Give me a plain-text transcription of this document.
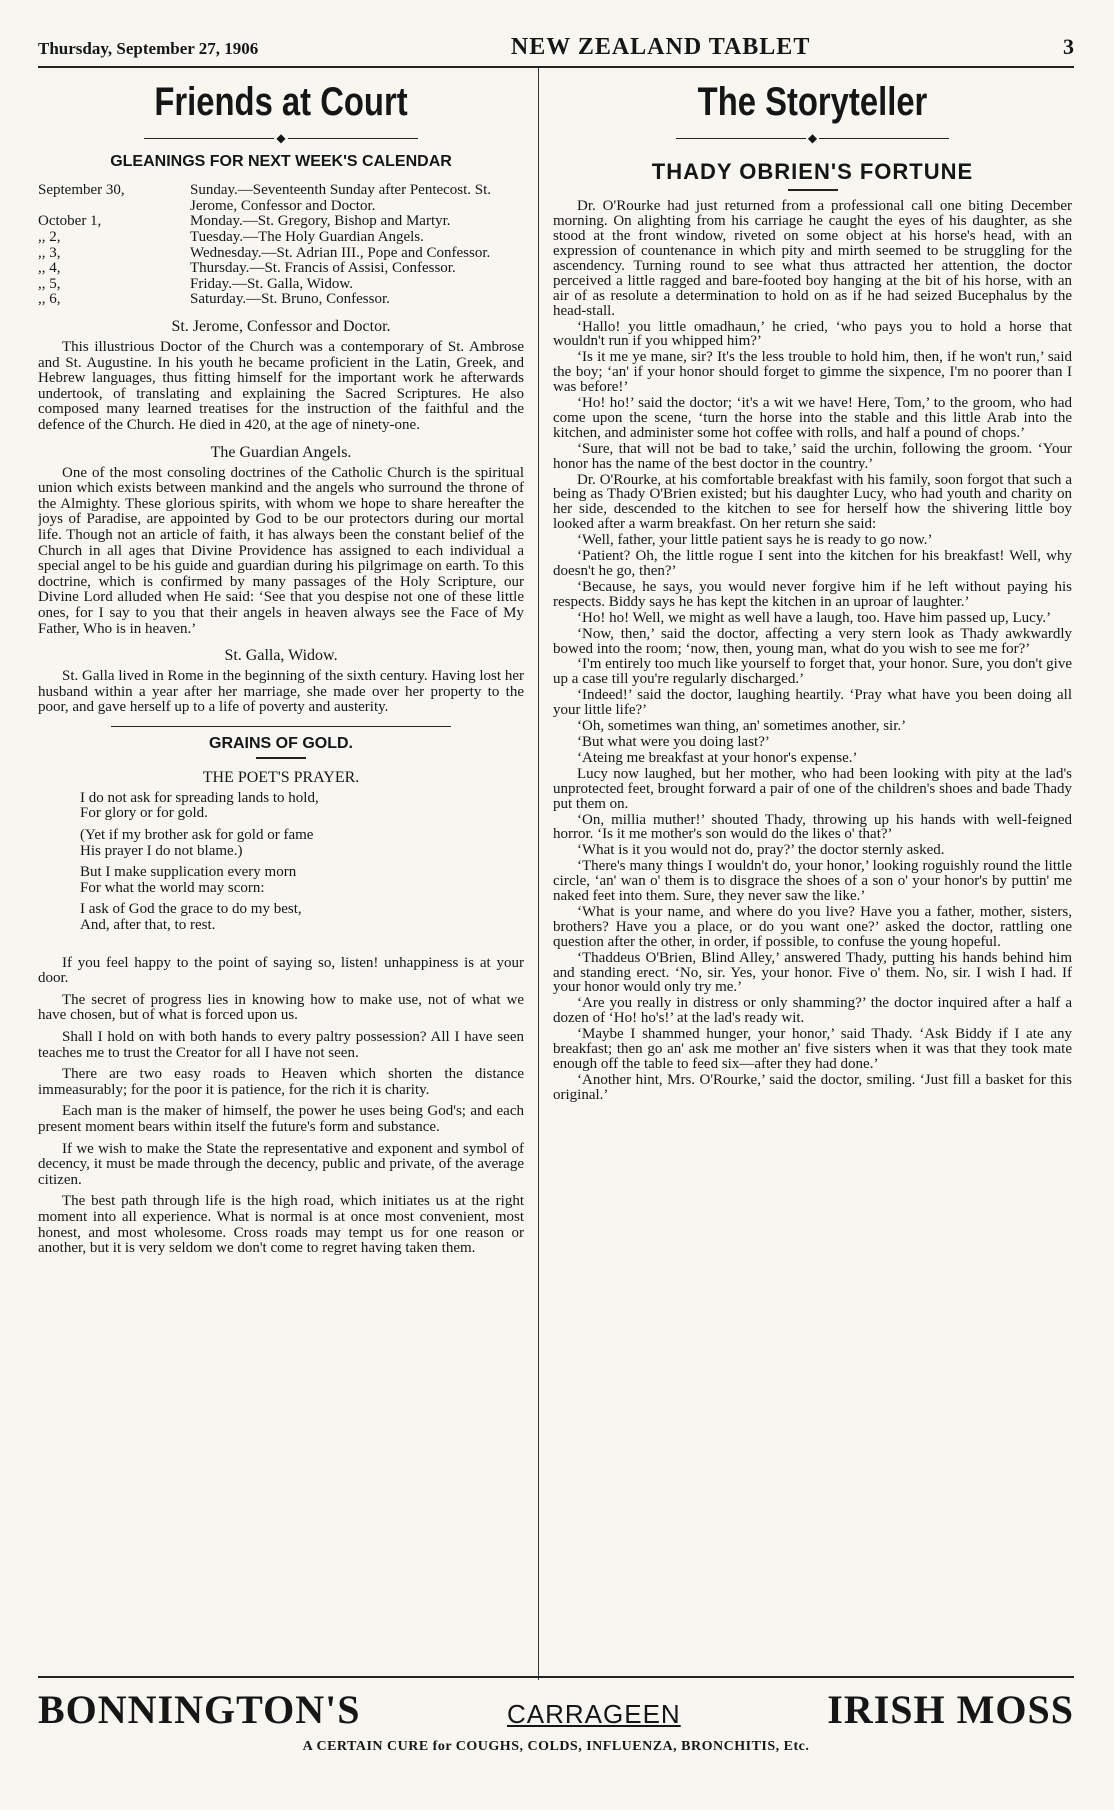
Thursday, September 27, 1906	NEW ZEALAND TABLET	3
Friends at Court
◆
GLEANINGS FOR NEXT WEEK'S CALENDAR
September 30,	Sunday.—Seventeenth Sunday after Pentecost. St. Jerome, Confessor and Doctor.
October 1,	Monday.—St. Gregory, Bishop and Martyr.
,, 2,	Tuesday.—The Holy Guardian Angels.
,, 3,	Wednesday.—St. Adrian III., Pope and Confessor.
,, 4,	Thursday.—St. Francis of Assisi, Confessor.
,, 5,	Friday.—St. Galla, Widow.
,, 6,	Saturday.—St. Bruno, Confessor.
St. Jerome, Confessor and Doctor.

This illustrious Doctor of the Church was a contemporary of St. Ambrose and St. Augustine. In his youth he became proficient in the Latin, Greek, and Hebrew languages, thus fitting himself for the important work he afterwards undertook, of translating and explaining the Sacred Scriptures. He also composed many learned treatises for the instruction of the faithful and the defence of the Church. He died in 420, at the age of ninety-one.

The Guardian Angels.

One of the most consoling doctrines of the Catholic Church is the spiritual union which exists between mankind and the angels who surround the throne of the Almighty. These glorious spirits, with whom we hope to share hereafter the joys of Paradise, are appointed by God to be our protectors during our mortal life. Though not an article of faith, it has always been the constant belief of the Church in all ages that Divine Providence has assigned to each individual a special angel to be his guide and guardian during his pilgrimage on earth. To this doctrine, which is confirmed by many passages of the Holy Scripture, our Divine Lord alluded when He said: ‘See that you despise not one of these little ones, for I say to you that their angels in heaven always see the Face of My Father, Who is in heaven.’

St. Galla, Widow.

St. Galla lived in Rome in the beginning of the sixth century. Having lost her husband within a year after her marriage, she made over her property to the poor, and gave herself up to a life of poverty and austerity.

GRAINS OF GOLD.
THE POET'S PRAYER.
I do not ask for spreading lands to hold,
For glory or for gold.
(Yet if my brother ask for gold or fame
His prayer I do not blame.)
But I make supplication every morn
For what the world may scorn:
I ask of God the grace to do my best,
And, after that, to rest.

If you feel happy to the point of saying so, listen! unhappiness is at your door.

The secret of progress lies in knowing how to make use, not of what we have chosen, but of what is forced upon us.

Shall I hold on with both hands to every paltry possession? All I have seen teaches me to trust the Creator for all I have not seen.

There are two easy roads to Heaven which shorten the distance immeasurably; for the poor it is patience, for the rich it is charity.

Each man is the maker of himself, the power he uses being God's; and each present moment bears within itself the future's form and substance.

If we wish to make the State the representative and exponent and symbol of decency, it must be made through the decency, public and private, of the average citizen.

The best path through life is the high road, which initiates us at the right moment into all experience. What is normal is at once most convenient, most honest, and most wholesome. Cross roads may tempt us for one reason or another, but it is very seldom we don't come to regret having taken them.

The Storyteller
◆
THADY OBRIEN'S FORTUNE

Dr. O'Rourke had just returned from a professional call one biting December morning. On alighting from his carriage he caught the eyes of his daughter, as she stood at the front window, riveted on some object at his horse's head, with an expression of countenance in which pity and mirth seemed to be struggling for the ascendency. Turning round to see what thus attracted her attention, the doctor perceived a little ragged and bare-footed boy hanging at the bit of his horse, with an air of as resolute a determination to hold on as if he had seized Bucephalus by the head-stall.

‘Hallo! you little omadhaun,’ he cried, ‘who pays you to hold a horse that wouldn't run if you whipped him?’

‘Is it me ye mane, sir? It's the less trouble to hold him, then, if he won't run,’ said the boy; ‘an' if your honor should forget to gimme the sixpence, I'm no poorer than I was before!’

‘Ho! ho!’ said the doctor; ‘it's a wit we have! Here, Tom,’ to the groom, who had come upon the scene, ‘turn the horse into the stable and this little Arab into the kitchen, and administer some hot coffee with rolls, and half a pound of chops.’

‘Sure, that will not be bad to take,’ said the urchin, following the groom. ‘Your honor has the name of the best doctor in the country.’

Dr. O'Rourke, at his comfortable breakfast with his family, soon forgot that such a being as Thady O'Brien existed; but his daughter Lucy, who had youth and charity on her side, descended to the kitchen to see for herself how the shivering little boy looked after a warm breakfast. On her return she said:

‘Well, father, your little patient says he is ready to go now.’

‘Patient? Oh, the little rogue I sent into the kitchen for his breakfast! Well, why doesn't he go, then?’

‘Because, he says, you would never forgive him if he left without paying his respects. Biddy says he has kept the kitchen in an uproar of laughter.’

‘Ho! ho! Well, we might as well have a laugh, too. Have him passed up, Lucy.’

‘Now, then,’ said the doctor, affecting a very stern look as Thady awkwardly bowed into the room; ‘now, then, young man, what do you wish to see me for?’

‘I'm entirely too much like yourself to forget that, your honor. Sure, you don't give up a case till you're regularly discharged.’

‘Indeed!’ said the doctor, laughing heartily. ‘Pray what have you been doing all your little life?’

‘Oh, sometimes wan thing, an' sometimes another, sir.’

‘But what were you doing last?’

‘Ateing me breakfast at your honor's expense.’

Lucy now laughed, but her mother, who had been looking with pity at the lad's unprotected feet, brought forward a pair of one of the children's shoes and bade Thady put them on.

‘On, millia muther!’ shouted Thady, throwing up his hands with well-feigned horror. ‘Is it me mother's son would do the likes o' that?’

‘What is it you would not do, pray?’ the doctor sternly asked.

‘There's many things I wouldn't do, your honor,’ looking roguishly round the little circle, ‘an' wan o' them is to disgrace the shoes of a son o' your honor's by puttin' me naked feet into them. Sure, they never saw the like.’

‘What is your name, and where do you live? Have you a father, mother, sisters, brothers? Have you a place, or do you want one?’ asked the doctor, rattling one question after the other, in order, if possible, to confuse the young hopeful.

‘Thaddeus O'Brien, Blind Alley,’ answered Thady, putting his hands behind him and standing erect. ‘No, sir. Yes, your honor. Five o' them. No, sir. I wish I had. If your honor would only try me.’

‘Are you really in distress or only shamming?’ the doctor inquired after a half a dozen of ‘Ho! ho's!’ at the lad's ready wit.

‘Maybe I shammed hunger, your honor,’ said Thady. ‘Ask Biddy if I ate any breakfast; then go an' ask me mother an' five sisters when it was that they took mate enough off the table to feed six—after they had done.’

‘Another hint, Mrs. O'Rourke,’ said the doctor, smiling. ‘Just fill a basket for this original.’

BONNINGTON'S	CARRAGEEN	IRISH MOSS
A CERTAIN CURE for COUGHS, COLDS, INFLUENZA, BRONCHITIS, Etc.
